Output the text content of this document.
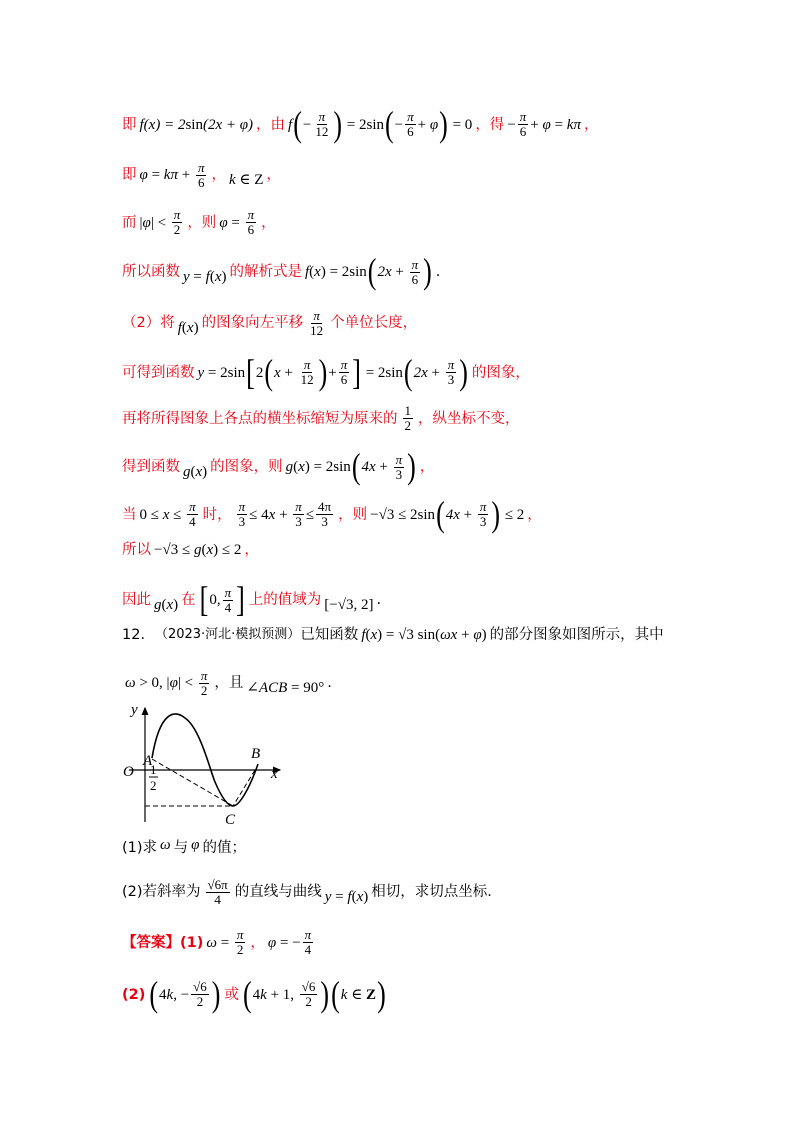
即 f(x) = 2 sin (2x + φ) ，由 f ( − $\frac{\pi}{12}$ ) = 2sin ( − $\frac{\pi}{6} + \varphi$ ) = 0 ，得 − $\frac{\pi}{6} + \varphi = k\pi$ ，
即 $\varphi = k\pi + \frac{\pi}{6}$ ， k ∈ Z ，
而 | φ | < $\frac{\pi}{2}$ ，则 $\varphi = \frac{\pi}{6}$ ，
所以函数 y = f ( x ) 的解析式是 f ( x ) = 2sin ( $2x + \frac{\pi}{6}$ ) .
（2）将 f ( x ) 的图象向左平移 $\frac{\pi}{12}$ 个单位长度，
可得到函数 y = 2sin [ 2 ( $x + \frac{\pi}{12}$ ) + $\frac{\pi}{6}$ ] = 2sin ( $2x + \frac{\pi}{3}$ ) 的图象，
再将所得图象上各点的横坐标缩短为原来的 $\frac{1}{2}$ ，纵坐标不变，
得到函数 g ( x ) 的图象，则 g ( x ) = 2sin ( $4x + \frac{\pi}{3}$ ) ，
当 $0 \le x \le \frac{\pi}{4}$ 时， $\frac{\pi}{3} \le 4$ $x + \frac{\pi}{3} \le \frac{4\pi}{3}$ ，则 −√3 ≤ 2sin ( $4x + \frac{\pi}{3}$ ) ≤ 2 ，
所以 −√3 ≤ g ( x ) ≤ 2 ，
因此 g ( x ) 在 [ 0, $\frac{\pi}{4}$ ] 上的值域为 [−√3, 2] .
12． （2023·河北·模拟预测） 已知函数 f ( x ) = √3 sin( ωx + φ ) 的部分图象如图所示，其中
ω > 0, | φ | < $\frac{\pi}{2}$ ，且 ∠ ACB = 90° .
y
x
O
A	B
C
1
2
(1)求 ω 与 φ 的值；
(2)若斜率为 $\frac{√6\pi}{4}$ 的直线与曲线 y = f ( x ) 相切，求切点坐标.
【答案】 (1) $\omega = \frac{\pi}{2}$ ， φ = − $\frac{\pi}{4}$
(2) ( 4 k , − $\frac{√6}{2}$ ) 或 ( 4 k + 1, $\frac{√6}{2}$ ) ( k ∈ Z )
